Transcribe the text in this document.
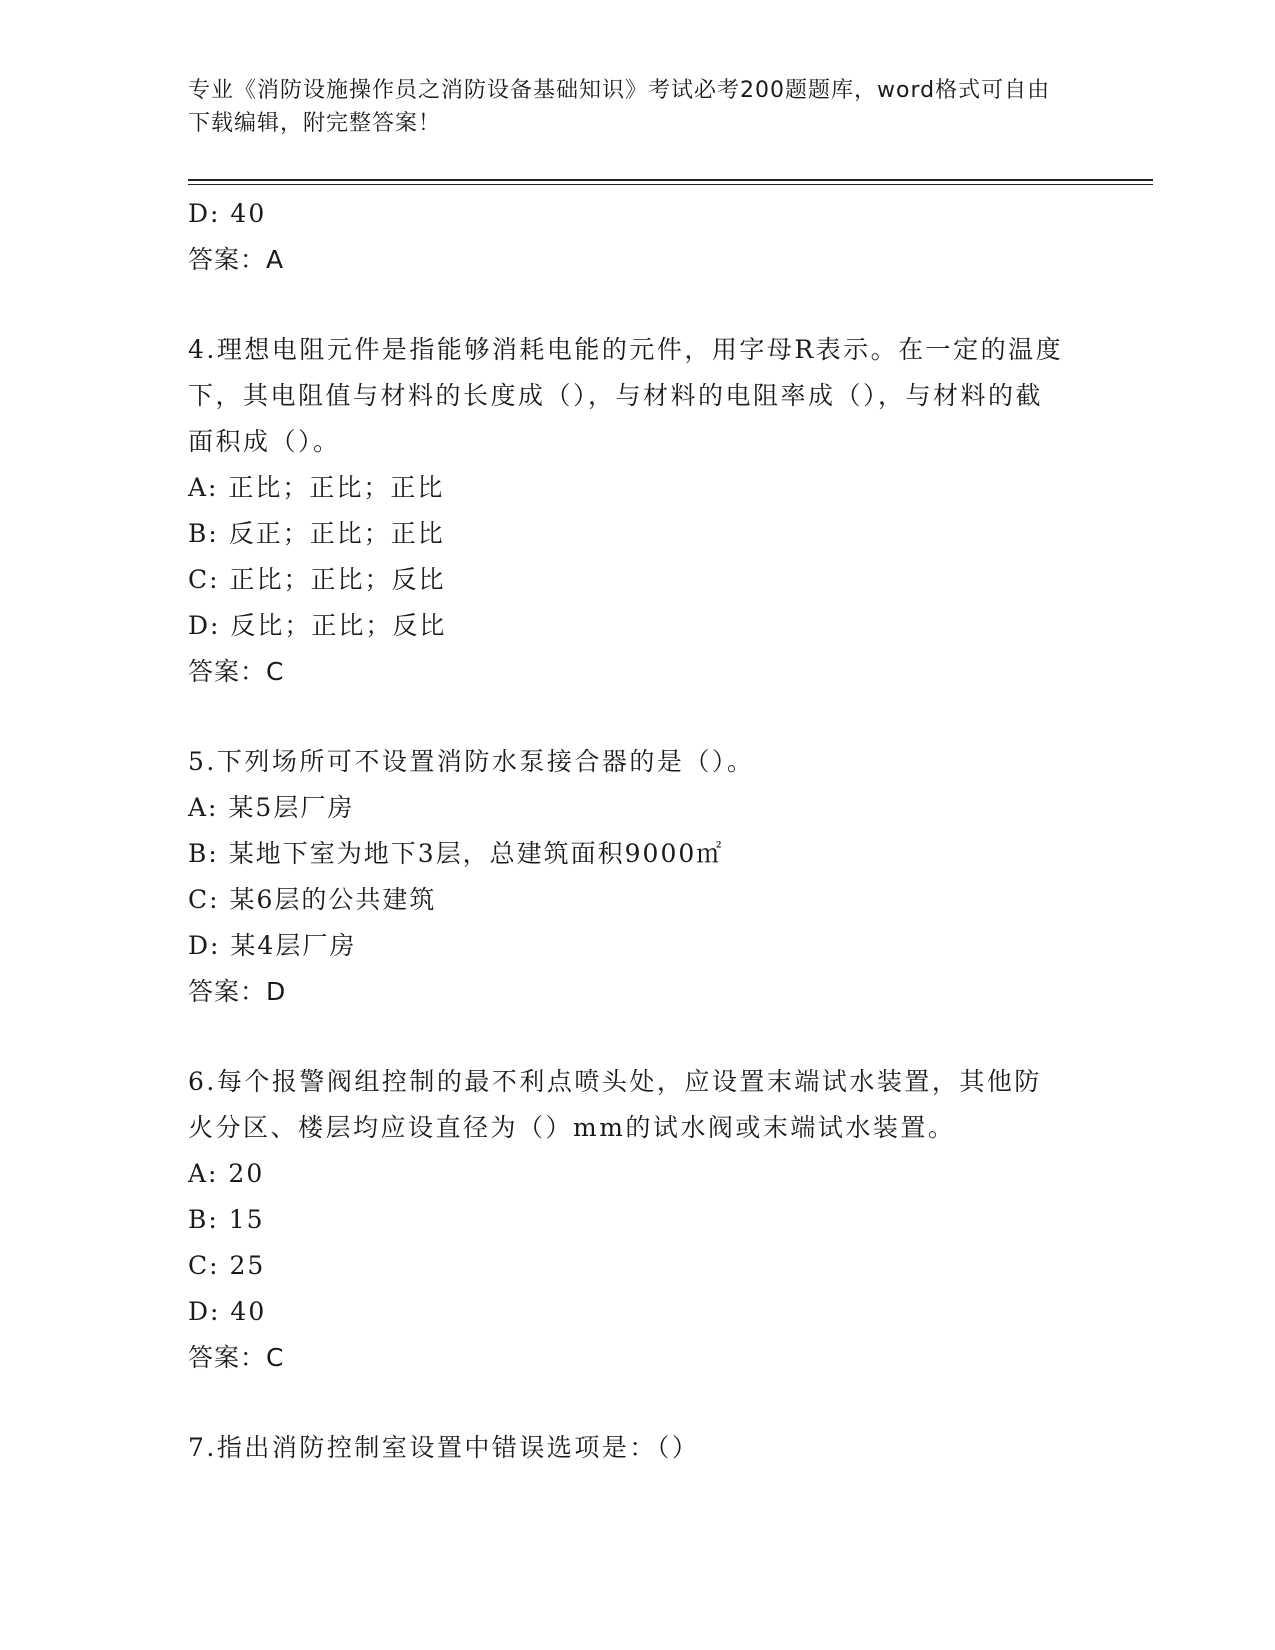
专业《消防设施操作员之消防设备基础知识》考试必考200题题库，word格式可自由下载编辑，附完整答案！
D: 40
答案：A
4.理想电阻元件是指能够消耗电能的元件，用字母R表示。在一定的温度下，其电阻值与材料的长度成（），与材料的电阻率成（），与材料的截面积成（）。
A: 正比；正比；正比
B: 反正；正比；正比
C: 正比；正比；反比
D: 反比；正比；反比
答案：C
5.下列场所可不设置消防水泵接合器的是（）。
A: 某5层厂房
B: 某地下室为地下3层，总建筑面积9000㎡
C: 某6层的公共建筑
D: 某4层厂房
答案：D
6.每个报警阀组控制的最不利点喷头处，应设置末端试水装置，其他防火分区、楼层均应设直径为（）mm的试水阀或末端试水装置。
A: 20
B: 15
C: 25
D: 40
答案：C
7.指出消防控制室设置中错误选项是：（）
